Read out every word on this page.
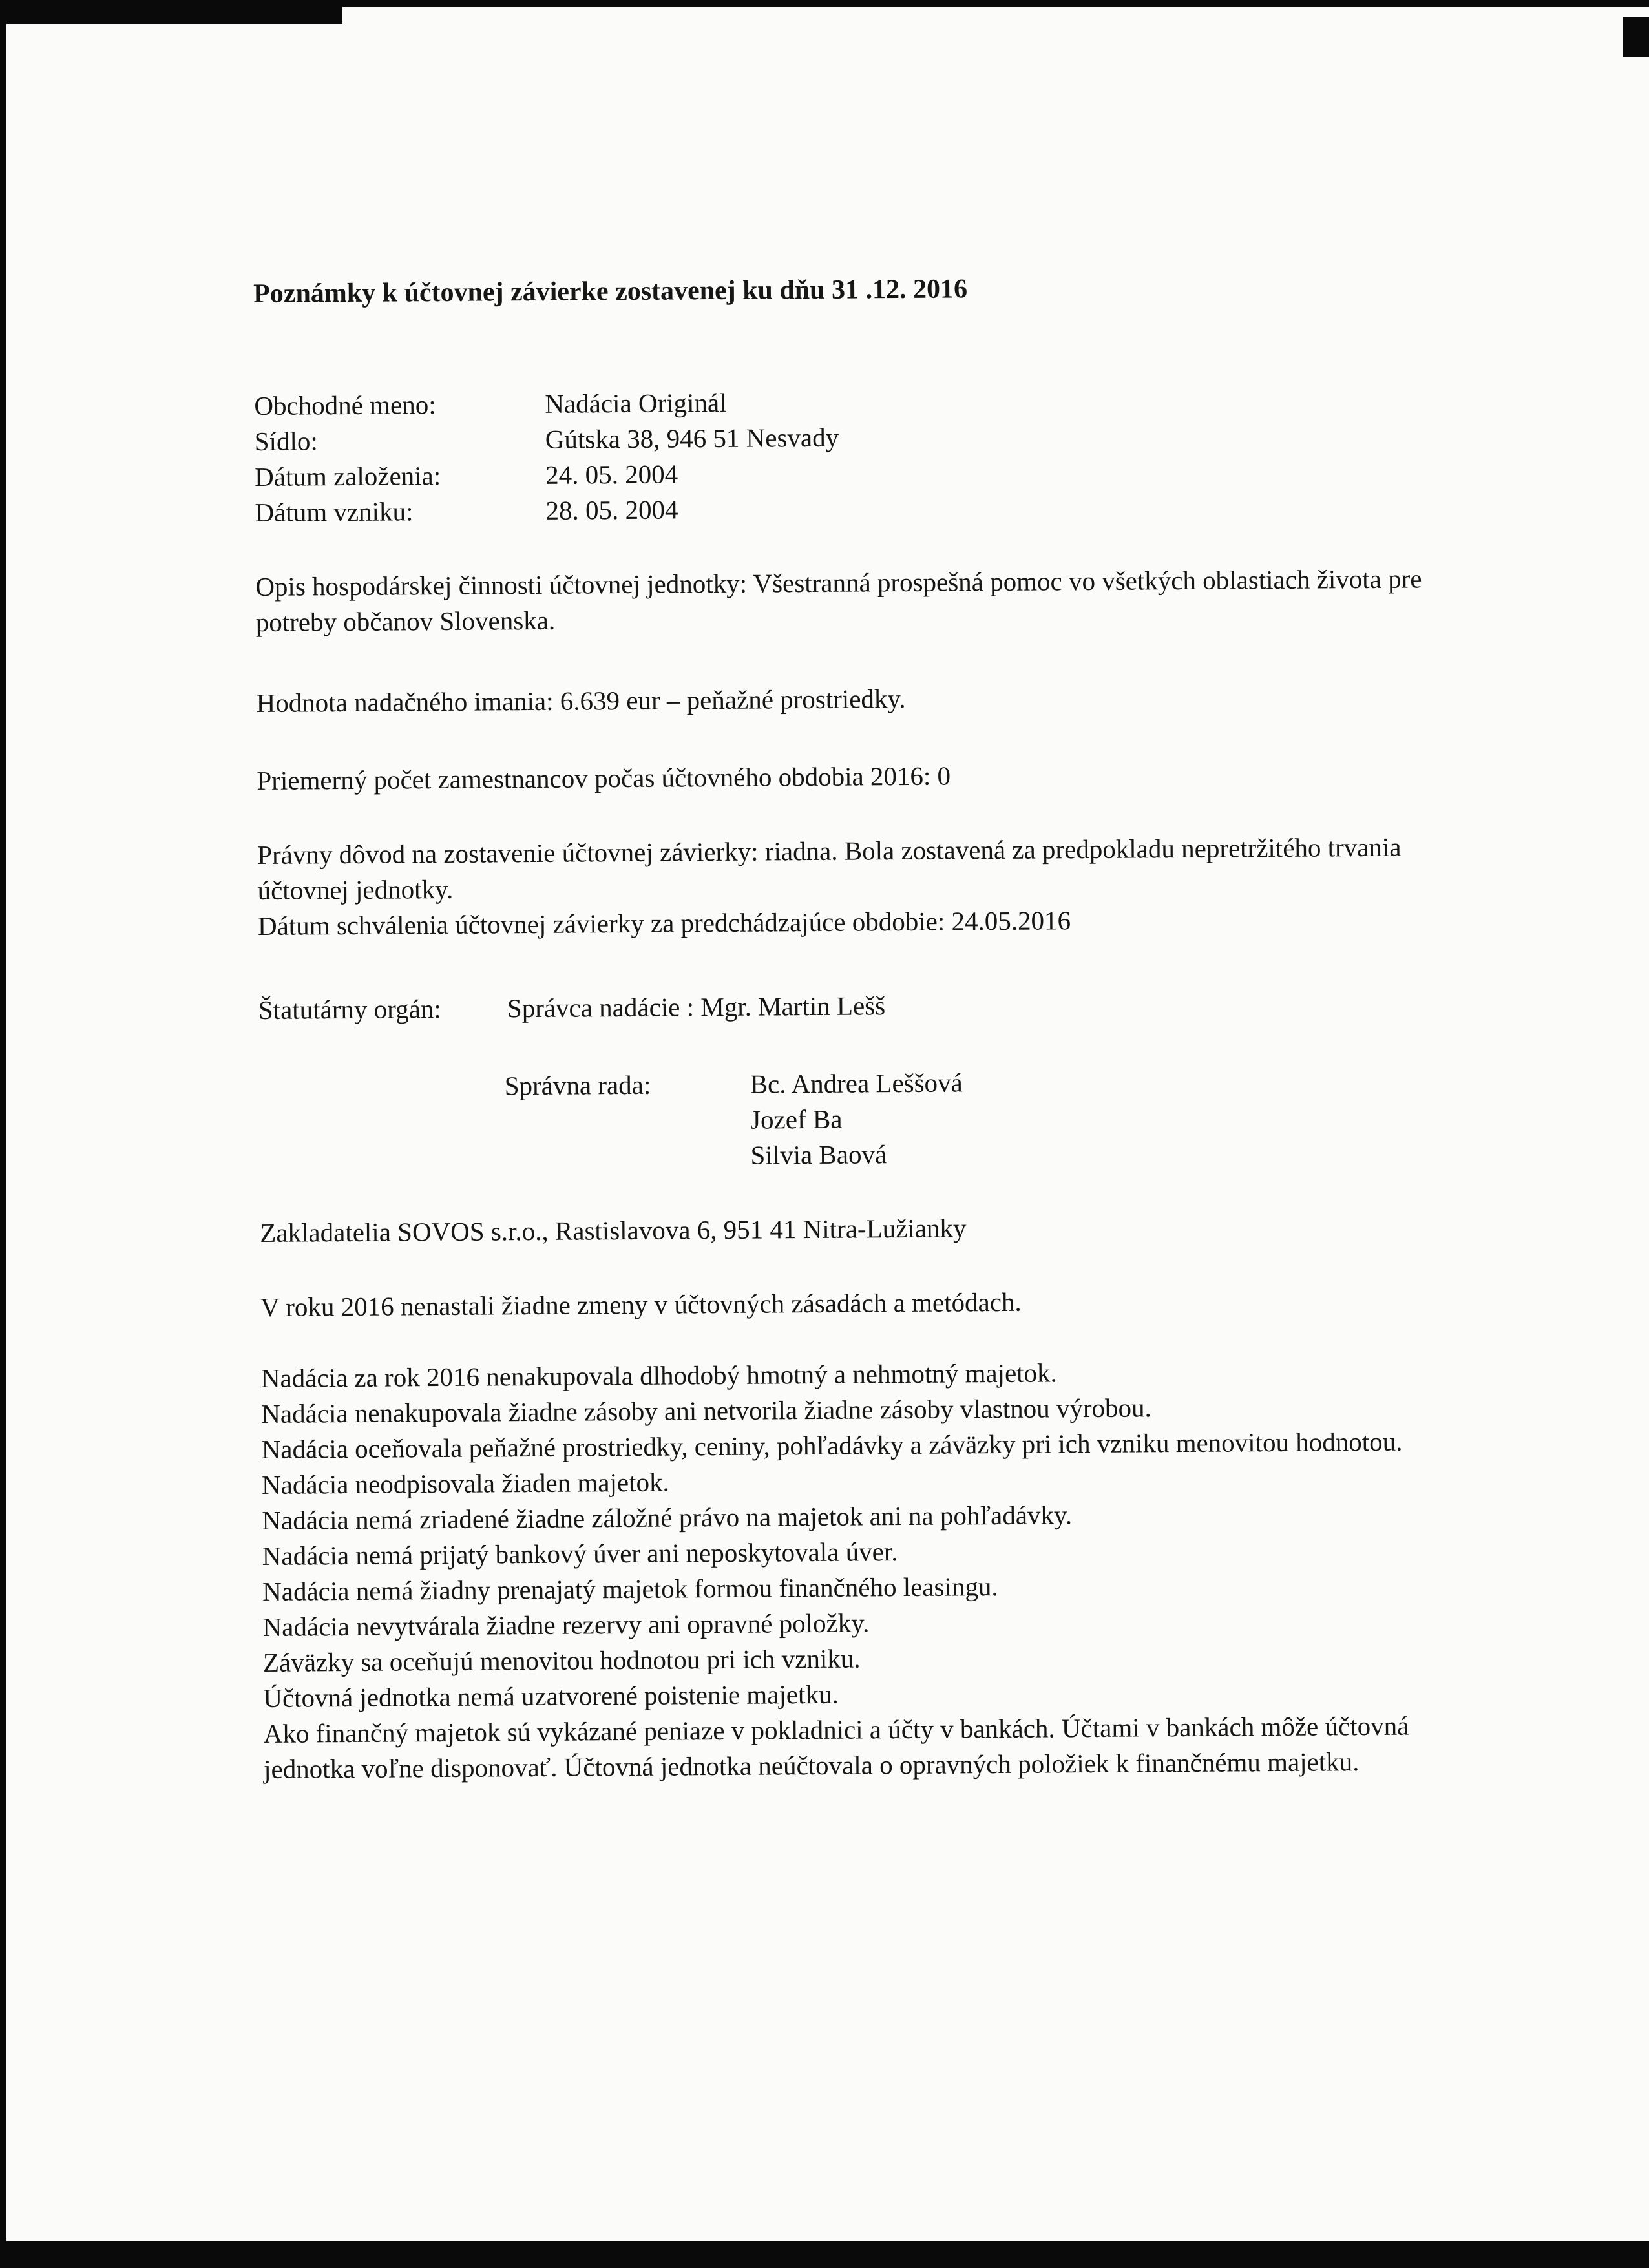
Poznámky k účtovnej závierke zostavenej ku dňu 31 .12. 2016

Obchodné meno:	Nadácia Originál
Sídlo:	Gútska 38, 946 51 Nesvady
Dátum založenia:	24. 05. 2004
Dátum vzniku:	28. 05. 2004

Opis hospodárskej činnosti účtovnej jednotky: Všestranná prospešná pomoc vo všetkých oblastiach života pre potreby občanov Slovenska.

Hodnota nadačného imania: 6.639 eur – peňažné prostriedky.

Priemerný počet zamestnancov počas účtovného obdobia 2016: 0

Právny dôvod na zostavenie účtovnej závierky: riadna. Bola zostavená za predpokladu nepretržitého trvania účtovnej jednotky.

Dátum schválenia účtovnej závierky za predchádzajúce obdobie: 24.05.2016

Štatutárny orgán:	Správca nadácie : Mgr. Martin Lešš
Správna rada:	Bc. Andrea Leššová

Jozef Ba

Silvia Baová

Zakladatelia SOVOS s.r.o., Rastislavova 6, 951 41 Nitra-Lužianky

V roku 2016 nenastali žiadne zmeny v účtovných zásadách a metódach.

Nadácia za rok 2016 nenakupovala dlhodobý hmotný a nehmotný majetok.

Nadácia nenakupovala žiadne zásoby ani netvorila žiadne zásoby vlastnou výrobou.

Nadácia oceňovala peňažné prostriedky, ceniny, pohľadávky a záväzky pri ich vzniku menovitou hodnotou.

Nadácia neodpisovala žiaden majetok.

Nadácia nemá zriadené žiadne záložné právo na majetok ani na pohľadávky.

Nadácia nemá prijatý bankový úver ani neposkytovala úver.

Nadácia nemá žiadny prenajatý majetok formou finančného leasingu.

Nadácia nevytvárala žiadne rezervy ani opravné položky.

Záväzky sa oceňujú menovitou hodnotou pri ich vzniku.

Účtovná jednotka nemá uzatvorené poistenie majetku.

Ako finančný majetok sú vykázané peniaze v pokladnici a účty v bankách. Účtami v bankách môže účtovná jednotka voľne disponovať. Účtovná jednotka neúčtovala o opravných položiek k finančnému majetku.
